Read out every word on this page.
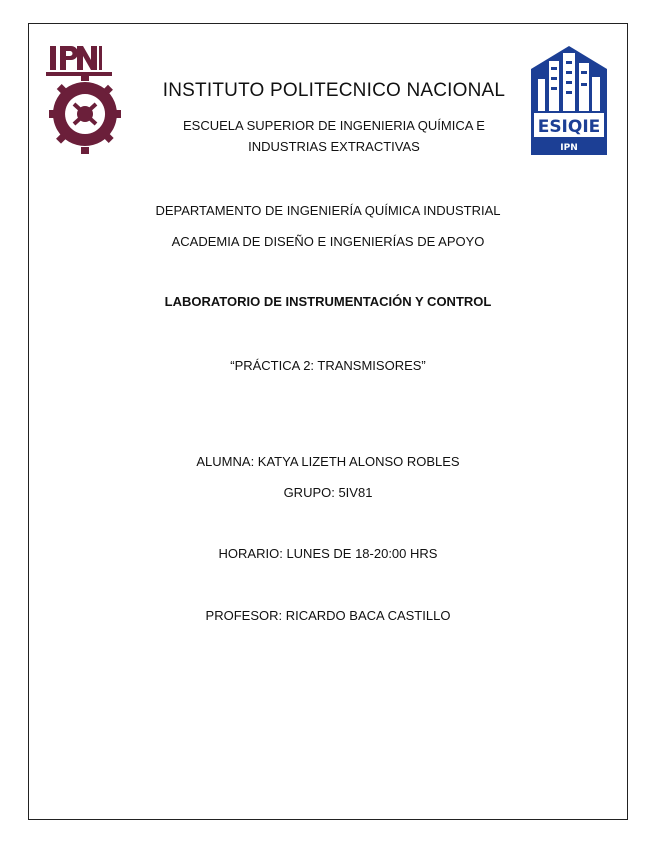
ESIQIE
IPN
INSTITUTO POLITECNICO NACIONAL
ESCUELA SUPERIOR DE INGENIERIA QUÍMICA E
INDUSTRIAS EXTRACTIVAS
DEPARTAMENTO DE INGENIERÍA QUÍMICA INDUSTRIAL
ACADEMIA DE DISEÑO E INGENIERÍAS DE APOYO
LABORATORIO DE INSTRUMENTACIÓN Y CONTROL
“PRÁCTICA 2: TRANSMISORES”
ALUMNA: KATYA LIZETH ALONSO ROBLES
GRUPO: 5IV81
HORARIO: LUNES DE 18-20:00 HRS
PROFESOR: RICARDO BACA CASTILLO
